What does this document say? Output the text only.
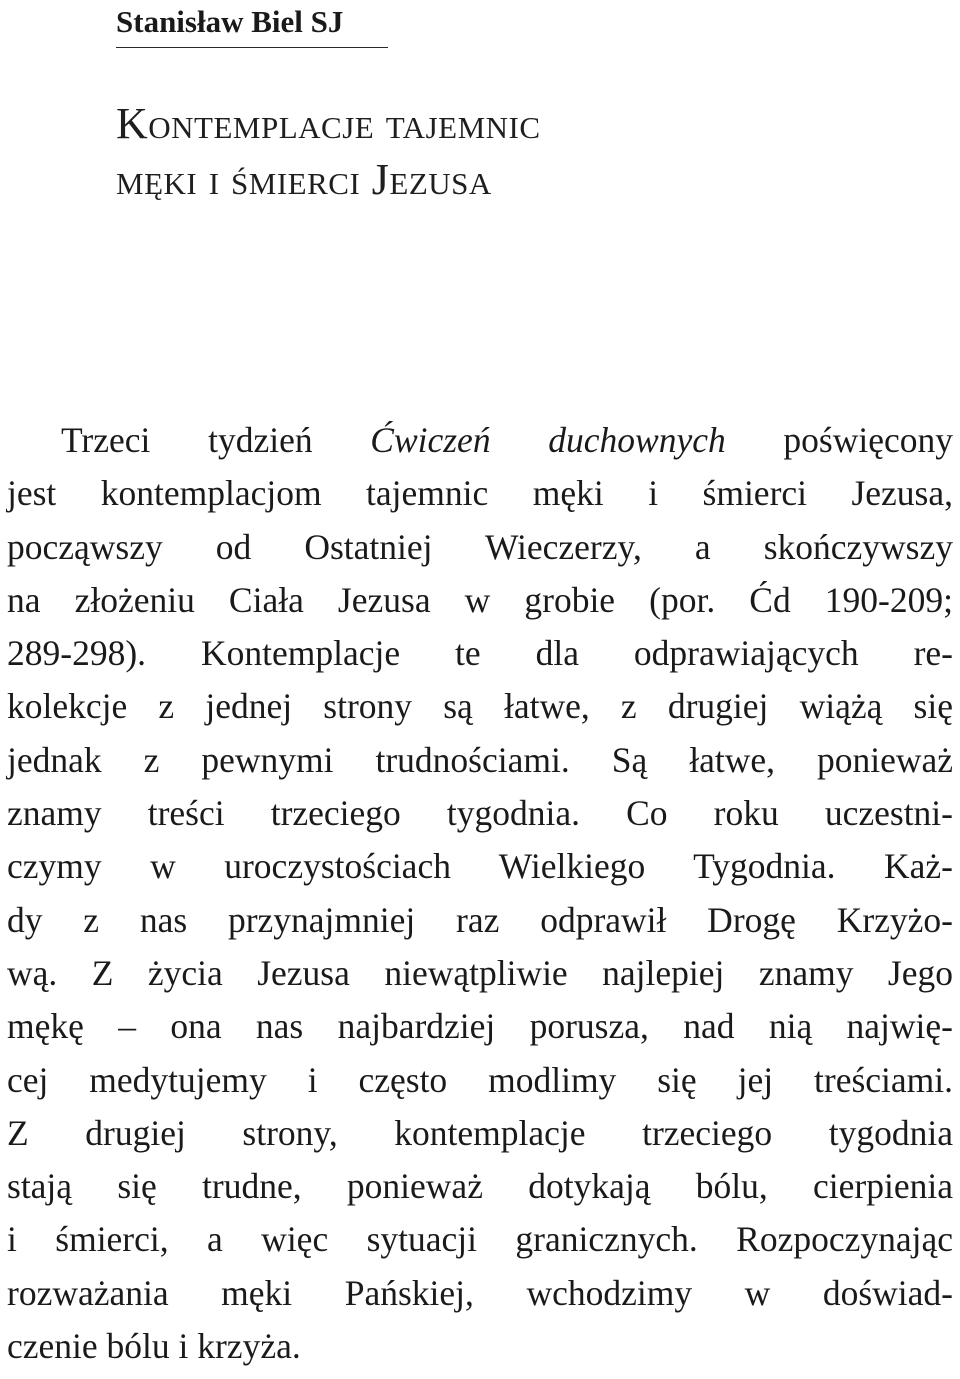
Stanisław Biel SJ
Kontemplacje tajemnic
męki i śmierci Jezusa
Trzeci tydzień Ćwiczeń duchownych poświęcony
jest kontemplacjom tajemnic męki i śmierci Jezusa,
począwszy od Ostatniej Wieczerzy, a skończywszy
na złożeniu Ciała Jezusa w grobie (por. Ćd 190-209;
289-298). Kontemplacje te dla odprawiających re-
kolekcje z jednej strony są łatwe, z drugiej wiążą się
jednak z pewnymi trudnościami. Są łatwe, ponieważ
znamy treści trzeciego tygodnia. Co roku uczestni-
czymy w uroczystościach Wielkiego Tygodnia. Każ-
dy z nas przynajmniej raz odprawił Drogę Krzyżo-
wą. Z życia Jezusa niewątpliwie najlepiej znamy Jego
mękę – ona nas najbardziej porusza, nad nią najwię-
cej medytujemy i często modlimy się jej treściami.
Z drugiej strony, kontemplacje trzeciego tygodnia
stają się trudne, ponieważ dotykają bólu, cierpienia
i śmierci, a więc sytuacji granicznych. Rozpoczynając
rozważania męki Pańskiej, wchodzimy w doświad-
czenie bólu i krzyża.
